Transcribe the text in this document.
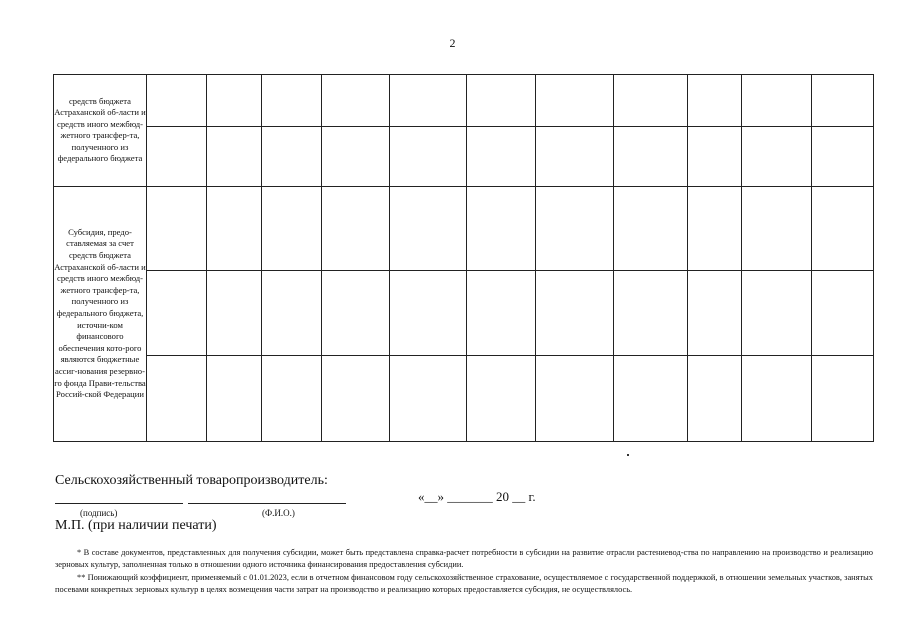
2
средств бюджета Астраханской об-ласти и средств иного межбюд-жетного трансфер-та, полученного из федерального бюджета											

Субсидия, предо-ставляемая за счет средств бюджета Астраханской об-ласти и средств иного межбюд-жетного трансфер-та, полученного из федерального бюджета, источни-ком финансового обеспечения кото-рого являются бюджетные ассиг-нования резервно-го фонда Прави-тельства Россий-ской Федерации											

Сельскохозяйственный товаропроизводитель:
(подпись)	(Ф.И.О.)
«__» _______ 20 __ г.
М.П. (при наличии печати)

* В составе документов, представленных для получения субсидии, может быть представлена справка-расчет потребности в субсидии на развитие отрасли растениевод-ства по направлению на производство и реализацию зерновых культур, заполненная только в отношении одного источника финансирования предоставления субсидии.

** Понижающий коэффициент, применяемый с 01.01.2023, если в отчетном финансовом году сельскохозяйственное страхование, осуществляемое с государственной поддержкой, в отношении земельных участков, занятых посевами конкретных зерновых культур в целях возмещения части затрат на производство и реализацию которых предоставляется субсидия, не осуществлялось.
